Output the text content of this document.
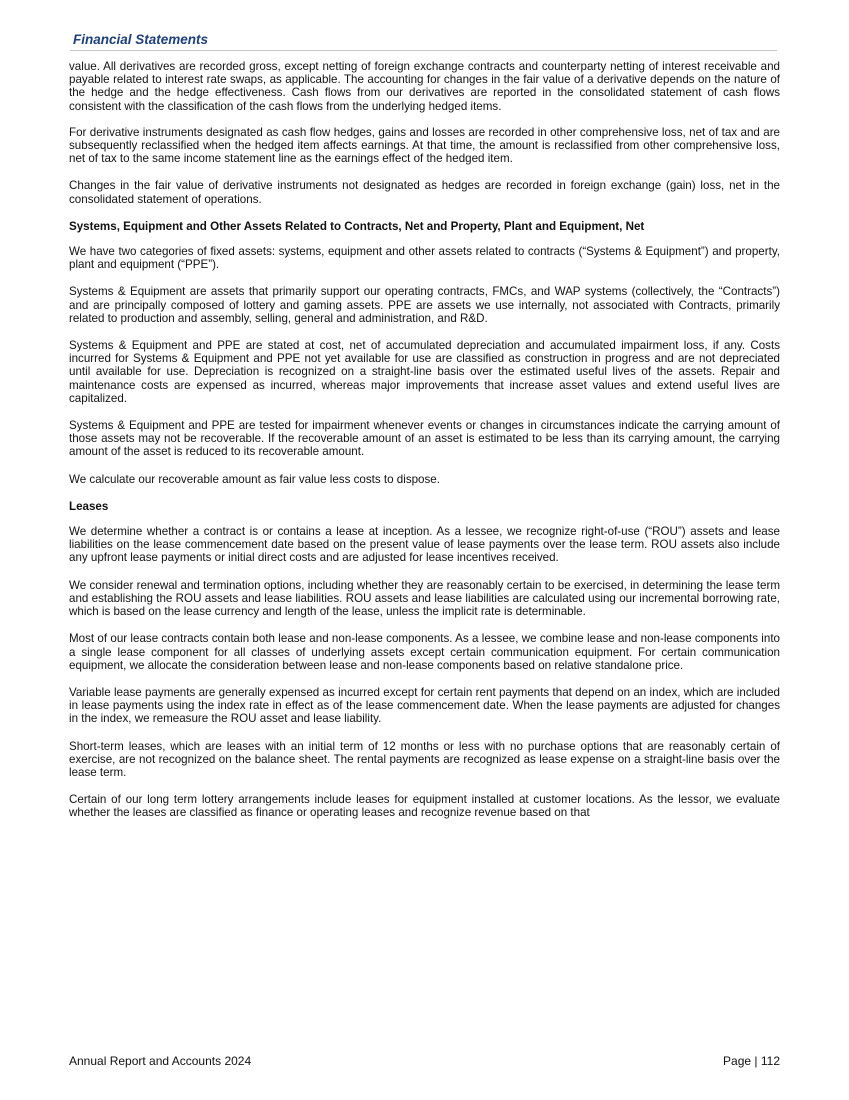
Financial Statements

value. All derivatives are recorded gross, except netting of foreign exchange contracts and counterparty netting of interest receivable and payable related to interest rate swaps, as applicable. The accounting for changes in the fair value of a derivative depends on the nature of the hedge and the hedge effectiveness. Cash flows from our derivatives are reported in the consolidated statement of cash flows consistent with the classification of the cash flows from the underlying hedged items.

For derivative instruments designated as cash flow hedges, gains and losses are recorded in other comprehensive loss, net of tax and are subsequently reclassified when the hedged item affects earnings. At that time, the amount is reclassified from other comprehensive loss, net of tax to the same income statement line as the earnings effect of the hedged item.

Changes in the fair value of derivative instruments not designated as hedges are recorded in foreign exchange (gain) loss, net in the consolidated statement of operations.

Systems, Equipment and Other Assets Related to Contracts, Net and Property, Plant and Equipment, Net

We have two categories of fixed assets: systems, equipment and other assets related to contracts (“Systems & Equipment”) and property, plant and equipment (“PPE”).

Systems & Equipment are assets that primarily support our operating contracts, FMCs, and WAP systems (collectively, the “Contracts”) and are principally composed of lottery and gaming assets. PPE are assets we use internally, not associated with Contracts, primarily related to production and assembly, selling, general and administration, and R&D.

Systems & Equipment and PPE are stated at cost, net of accumulated depreciation and accumulated impairment loss, if any. Costs incurred for Systems & Equipment and PPE not yet available for use are classified as construction in progress and are not depreciated until available for use. Depreciation is recognized on a straight-line basis over the estimated useful lives of the assets. Repair and maintenance costs are expensed as incurred, whereas major improvements that increase asset values and extend useful lives are capitalized.

Systems & Equipment and PPE are tested for impairment whenever events or changes in circumstances indicate the carrying amount of those assets may not be recoverable. If the recoverable amount of an asset is estimated to be less than its carrying amount, the carrying amount of the asset is reduced to its recoverable amount.

We calculate our recoverable amount as fair value less costs to dispose.

Leases

We determine whether a contract is or contains a lease at inception. As a lessee, we recognize right-of-use (“ROU”) assets and lease liabilities on the lease commencement date based on the present value of lease payments over the lease term. ROU assets also include any upfront lease payments or initial direct costs and are adjusted for lease incentives received.

We consider renewal and termination options, including whether they are reasonably certain to be exercised, in determining the lease term and establishing the ROU assets and lease liabilities. ROU assets and lease liabilities are calculated using our incremental borrowing rate, which is based on the lease currency and length of the lease, unless the implicit rate is determinable.

Most of our lease contracts contain both lease and non-lease components. As a lessee, we combine lease and non-lease components into a single lease component for all classes of underlying assets except certain communication equipment. For certain communication equipment, we allocate the consideration between lease and non-lease components based on relative standalone price.

Variable lease payments are generally expensed as incurred except for certain rent payments that depend on an index, which are included in lease payments using the index rate in effect as of the lease commencement date. When the lease payments are adjusted for changes in the index, we remeasure the ROU asset and lease liability.

Short-term leases, which are leases with an initial term of 12 months or less with no purchase options that are reasonably certain of exercise, are not recognized on the balance sheet. The rental payments are recognized as lease expense on a straight-line basis over the lease term.

Certain of our long term lottery arrangements include leases for equipment installed at customer locations. As the lessor, we evaluate whether the leases are classified as finance or operating leases and recognize revenue based on that

Annual Report and Accounts 2024	Page | 112
